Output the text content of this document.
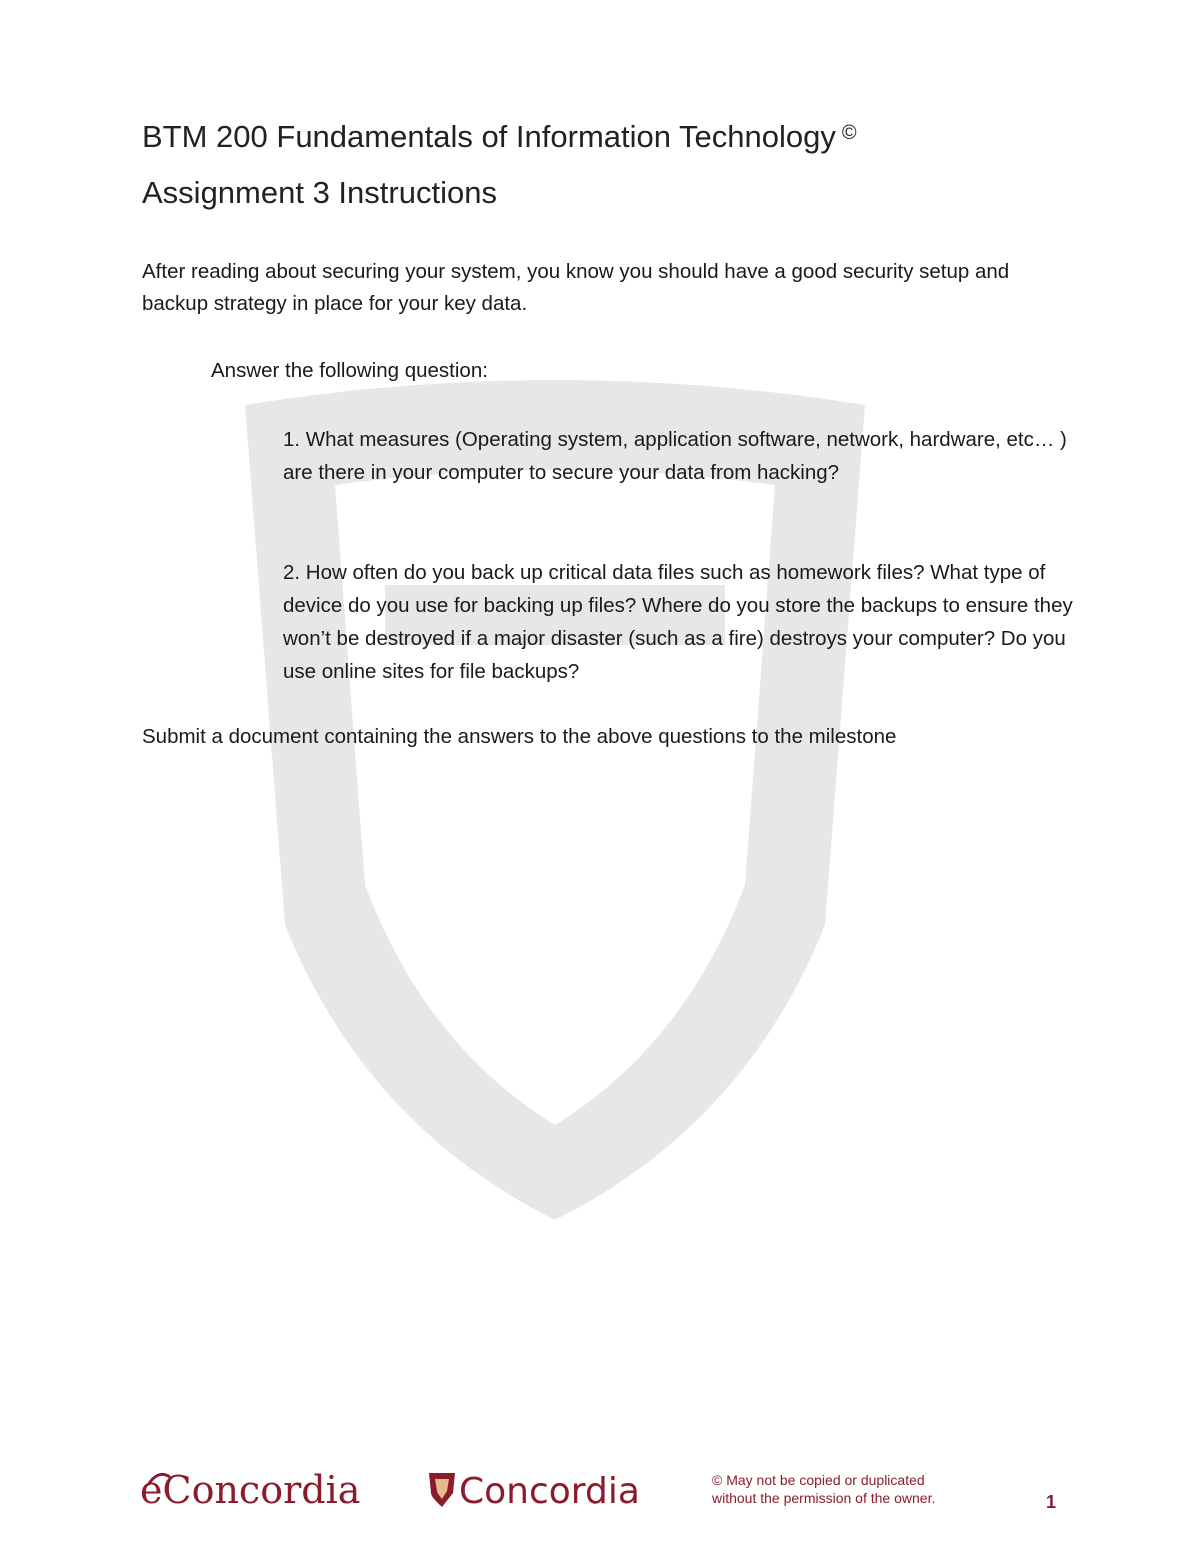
BTM 200 Fundamentals of Information Technology ©
Assignment 3 Instructions
After reading about securing your system, you know you should have a good security setup and backup strategy in place for your key data.
Answer the following question:
1. What measures (Operating system, application software, network, hardware, etc… ) are there in your computer to secure your data from hacking?
2. How often do you back up critical data files such as homework files? What type of device do you use for backing up files? Where do you store the backups to ensure they won’t be destroyed if a major disaster (such as a fire) destroys your computer? Do you use online sites for file backups?
Submit a document containing the answers to the above questions to the milestone
eConcordia	Concordia	© May not be copied or duplicated
without the permission of the owner.	1
